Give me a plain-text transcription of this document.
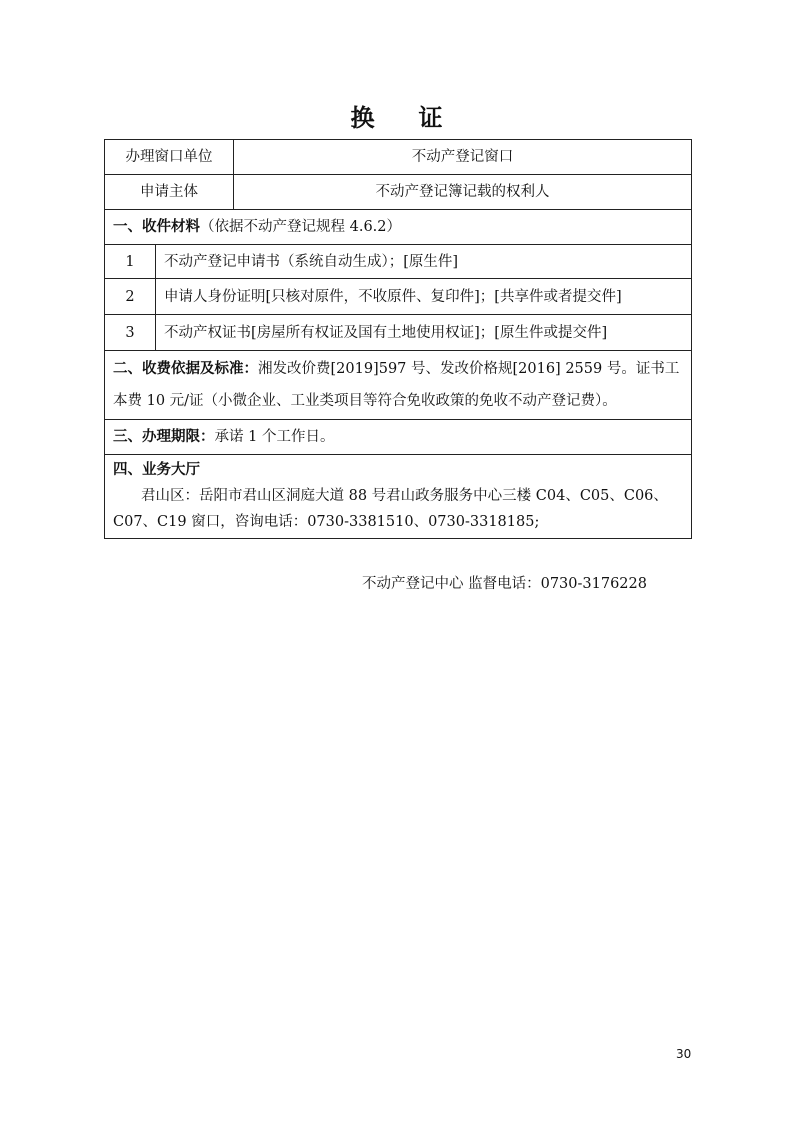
换证
办理窗口单位		不动产登记窗口
申请主体		不动产登记簿记载的权利人
一、收件材料（依据不动产登记规程 4.6.2）		
1	不动产登记申请书（系统自动生成）；[原生件]	
2	申请人身份证明[只核对原件，不收原件、复印件]；[共享件或者提交件]	
3	不动产权证书[房屋所有权证及国有土地使用权证]；[原生件或提交件]	
二、收费依据及标准：湘发改价费[2019]597 号、发改价格规[2016] 2559 号。证书工本费 10 元/证（小微企业、工业类项目等符合免收政策的免收不动产登记费）。		
三、办理期限：承诺 1 个工作日。		

四、业务大厅
君山区：岳阳市君山区洞庭大道 88 号君山政务服务中心三楼 C04、C05、C06、C07、C19 窗口，咨询电话：0730-3381510、0730-3318185;		
不动产登记中心 监督电话：0730-3176228
30
